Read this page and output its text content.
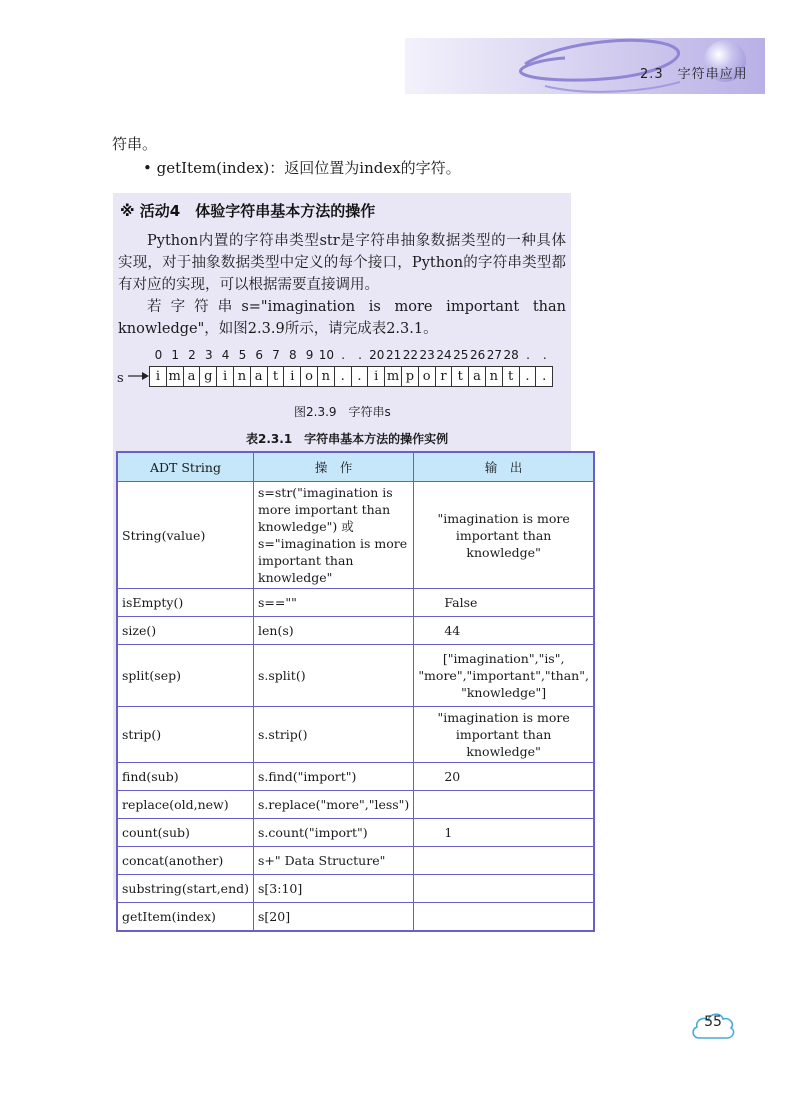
2.3　字符串应用
符串。
• getItem(index)：返回位置为index的字符。
※ 活动4　体验字符串基本方法的操作
Python内置的字符串类型str是字符串抽象数据类型的一种具体实现，对于抽象数据类型中定义的每个接口，Python的字符串类型都有对应的实现，可以根据需要直接调用。
若字符串s="imagination is more important than knowledge"，如图2.3.9所示，请完成表2.3.1。
0 1 2 3 4 5 6 7 8 9 10 . . 20 21 22 23 24 25 26 27 28 . .
s	i m a g i n a t i o n . . i m p o r t a n t . .
图2.3.9　字符串s
表2.3.1　字符串基本方法的操作实例
ADT String	操　作	输　出
String(value)	s=str("imagination is more important than knowledge") 或 s="imagination is more important than knowledge"	"imagination is more important than knowledge"
isEmpty()	s==""	False
size()	len(s)	44
split(sep)	s.split()	["imagination","is", "more","important","than", "knowledge"]
strip()	s.strip()	"imagination is more important than knowledge"
find(sub)	s.find("import")	20
replace(old,new)	s.replace("more","less")	
count(sub)	s.count("import")	1
concat(another)	s+" Data Structure"	
substring(start,end)	s[3:10]	
getItem(index)	s[20]	
55
